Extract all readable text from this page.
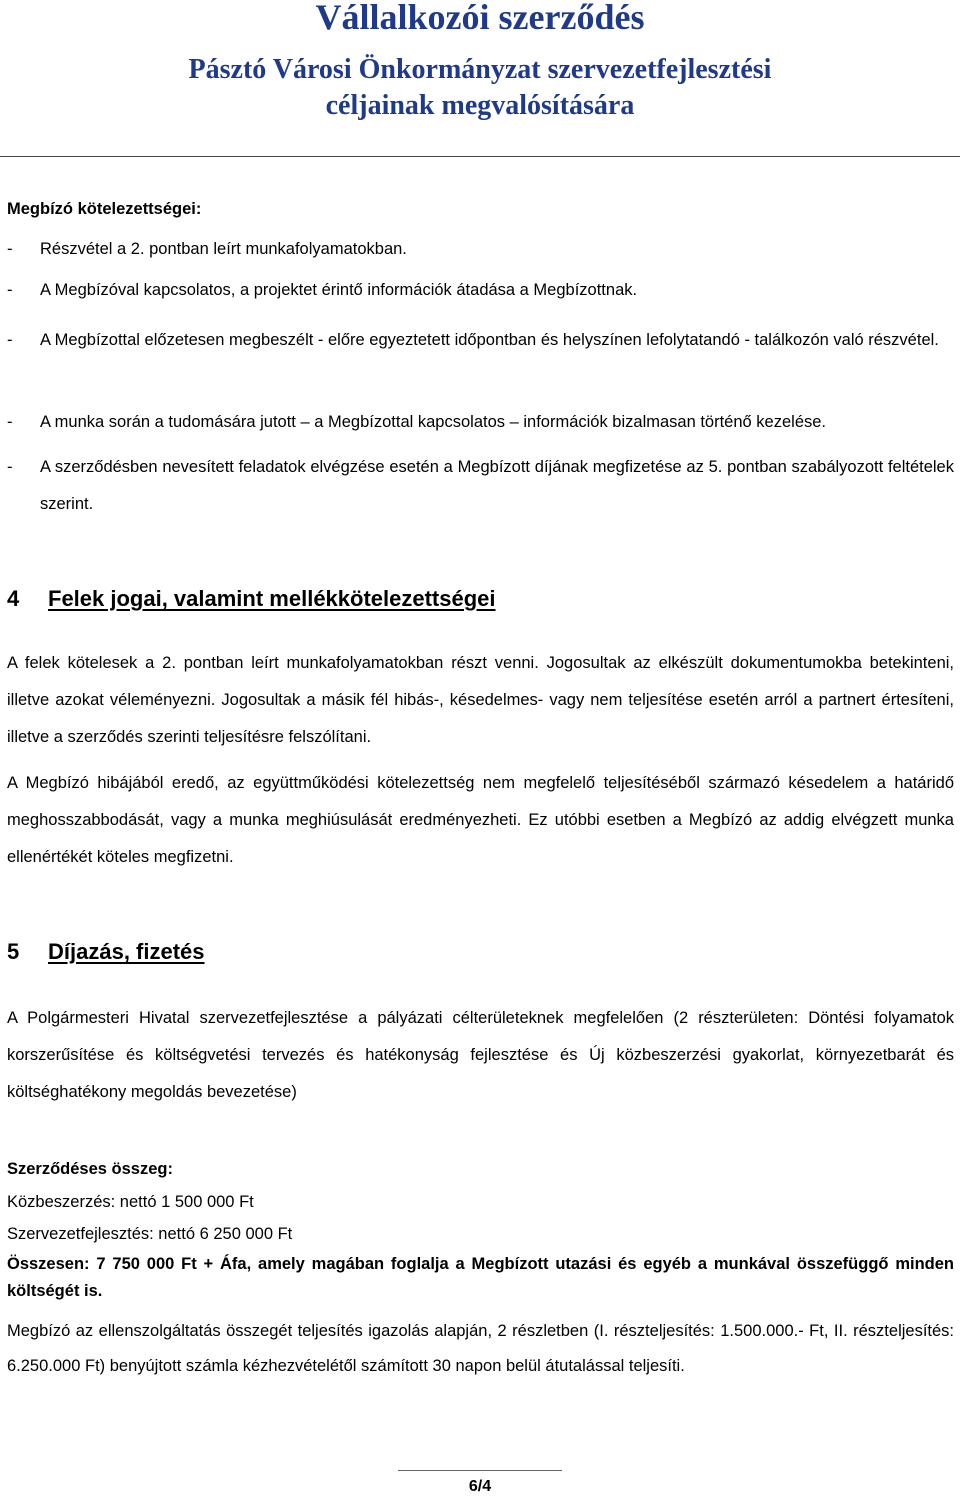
Vállalkozói szerződés
Pásztó Városi Önkormányzat szervezetfejlesztési
céljainak megvalósítására
Megbízó kötelezettségei:
- Részvétel a 2. pontban leírt munkafolyamatokban.
- A Megbízóval kapcsolatos, a projektet érintő információk átadása a Megbízottnak.
- A Megbízottal előzetesen megbeszélt - előre egyeztetett időpontban és helyszínen lefolytatandó - találkozón való részvétel.
- A munka során a tudomására jutott – a Megbízottal kapcsolatos – információk bizalmasan történő kezelése.
- A szerződésben nevesített feladatok elvégzése esetén a Megbízott díjának megfizetése az 5. pontban szabályozott feltételek szerint.
4 Felek jogai, valamint mellékkötelezettségei
A felek kötelesek a 2. pontban leírt munkafolyamatokban részt venni. Jogosultak az elkészült dokumentumokba betekinteni, illetve azokat véleményezni. Jogosultak a másik fél hibás-, késedelmes- vagy nem teljesítése esetén arról a partnert értesíteni, illetve a szerződés szerinti teljesítésre felszólítani.
A Megbízó hibájából eredő, az együttműködési kötelezettség nem megfelelő teljesítéséből származó késedelem a határidő meghosszabbodását, vagy a munka meghiúsulását eredményezheti. Ez utóbbi esetben a Megbízó az addig elvégzett munka ellenértékét köteles megfizetni.
5 Díjazás, fizetés
A Polgármesteri Hivatal szervezetfejlesztése a pályázati célterületeknek megfelelően (2 részterületen: Döntési folyamatok korszerűsítése és költségvetési tervezés és hatékonyság fejlesztése és Új közbeszerzési gyakorlat, környezetbarát és költséghatékony megoldás bevezetése)
Szerződéses összeg:
Közbeszerzés: nettó 1 500 000 Ft
Szervezetfejlesztés: nettó 6 250 000 Ft
Összesen: 7 750 000 Ft + Áfa, amely magában foglalja a Megbízott utazási és egyéb a munkával összefüggő minden költségét is.
Megbízó az ellenszolgáltatás összegét teljesítés igazolás alapján, 2 részletben (I. részteljesítés: 1.500.000.- Ft, II. részteljesítés: 6.250.000 Ft) benyújtott számla kézhezvételétől számított 30 napon belül átutalással teljesíti.
6/4
